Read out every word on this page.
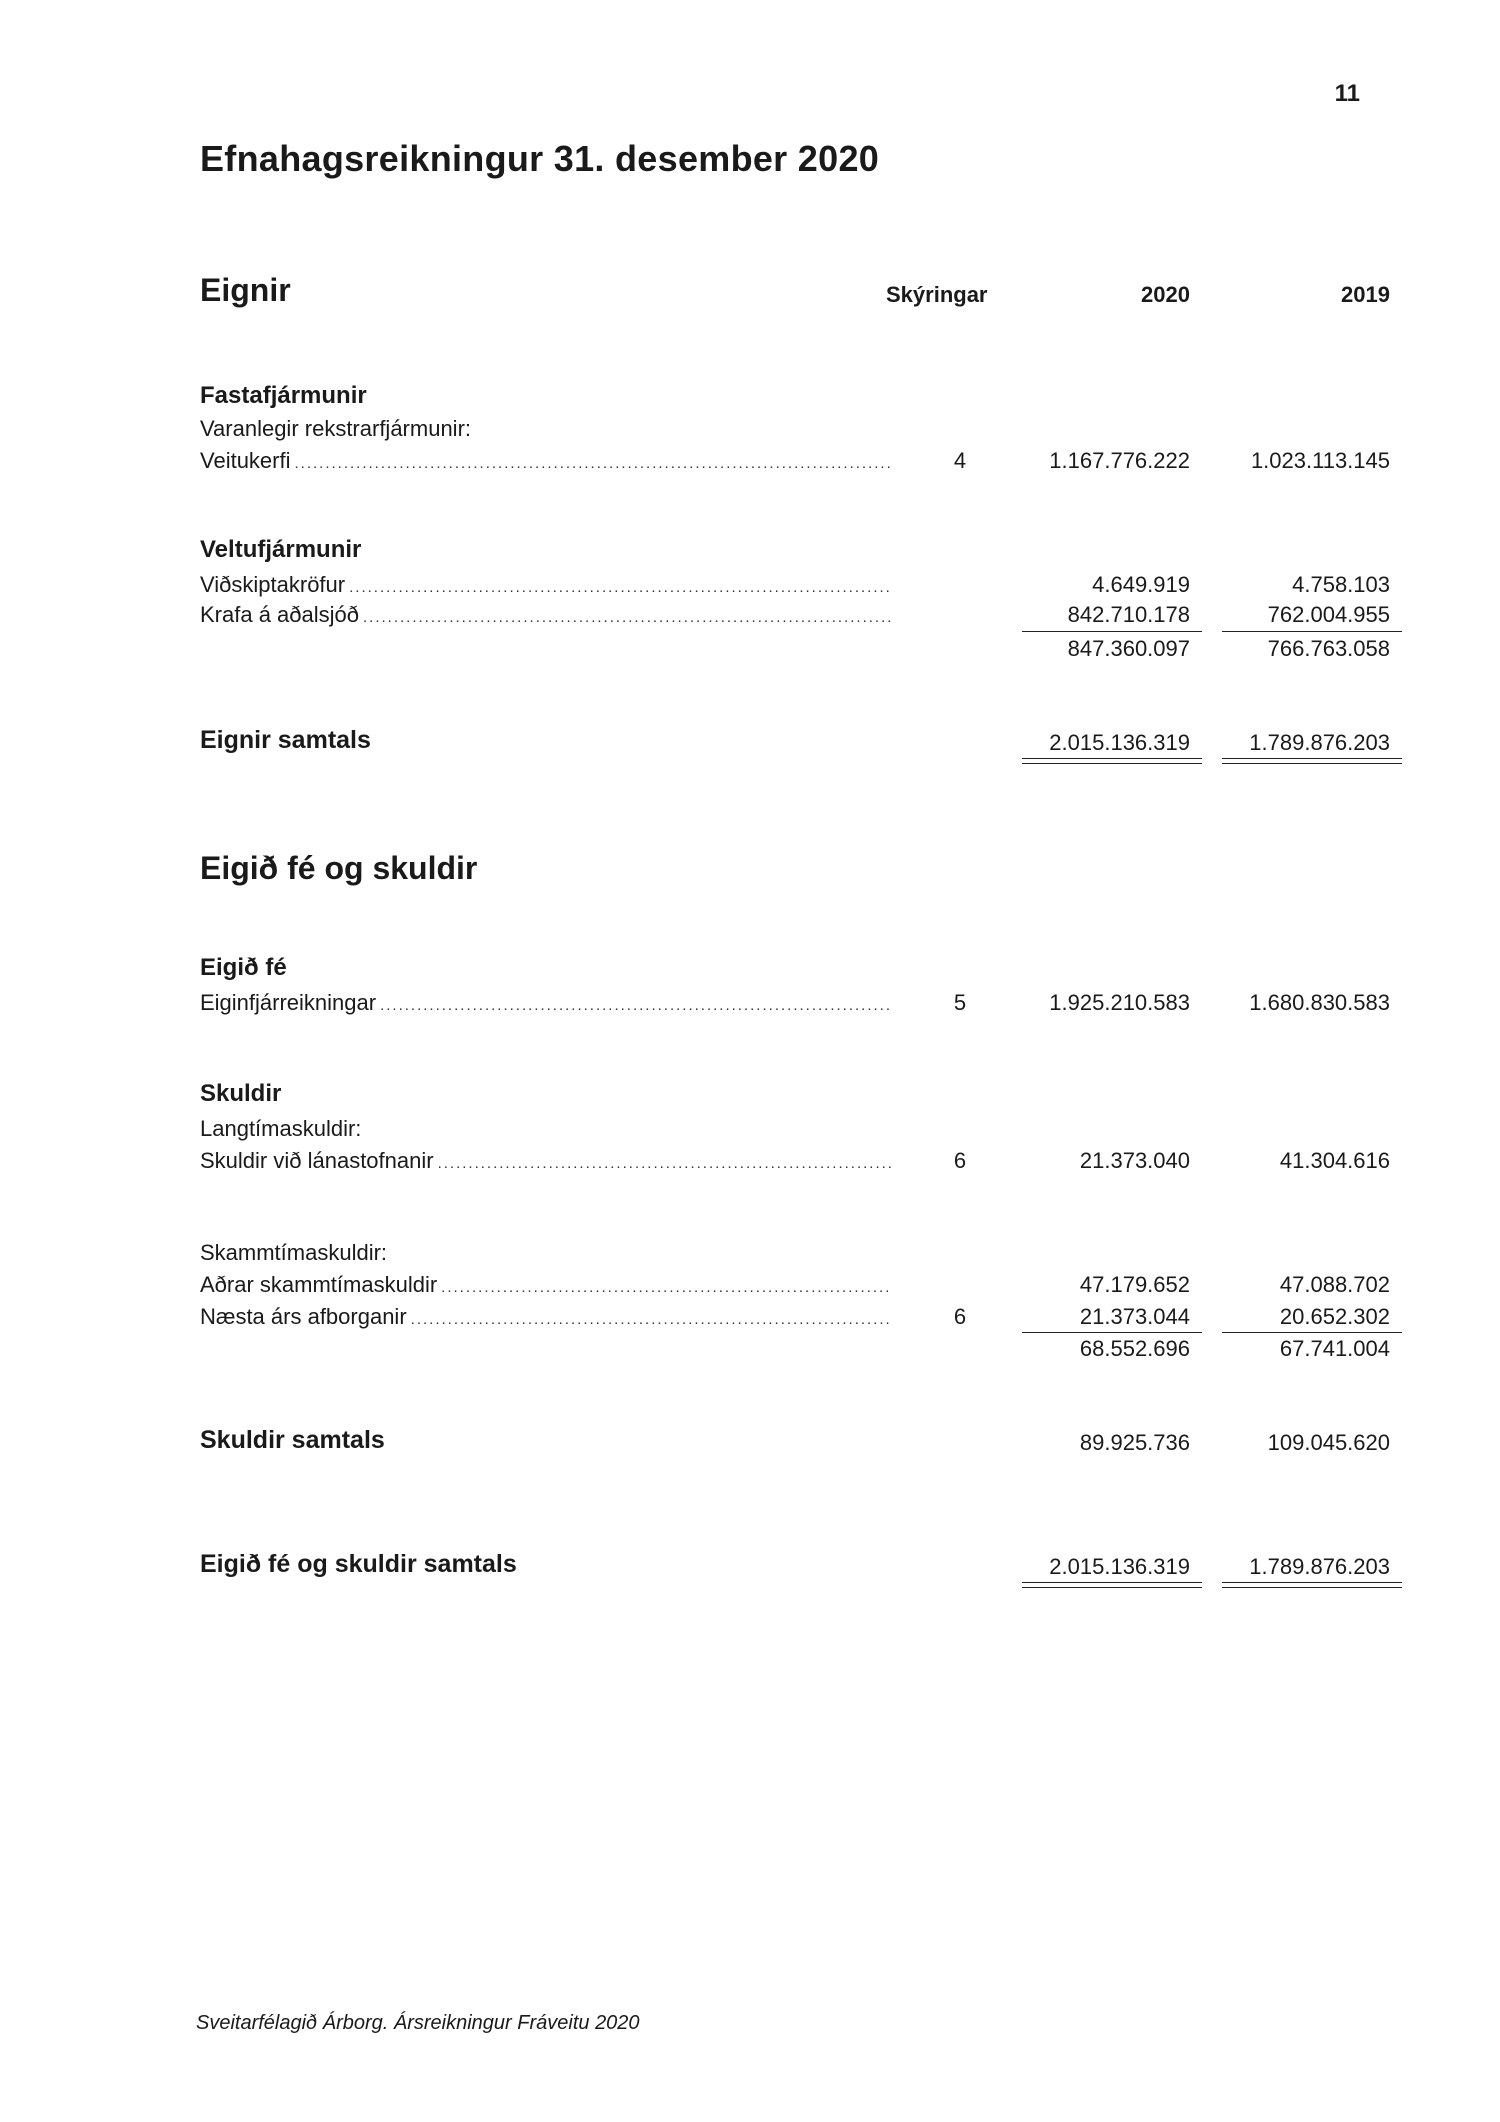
11
Efnahagsreikningur 31. desember 2020
Eignir	Skýringar	2020	2019
Fastafjármunir
Varanlegir rekstrarfjármunir:
Veitukerfi .....	4	1.167.776.222	1.023.113.145
Veltufjármunir
Viðskiptakröfur .....	4.649.919	4.758.103
Krafa á aðalsjóð .....	842.710.178	762.004.955
847.360.097	766.763.058
Eignir samtals	2.015.136.319	1.789.876.203
Eigið fé og skuldir
Eigið fé
Eiginfjárreikningar .....	5	1.925.210.583	1.680.830.583
Skuldir
Langtímaskuldir:
Skuldir við lánastofnanir .....	6	21.373.040	41.304.616
Skammtímaskuldir:
Aðrar skammtímaskuldir .....	47.179.652	47.088.702
Næsta árs afborganir .....	6	21.373.044	20.652.302
68.552.696	67.741.004
Skuldir samtals	89.925.736	109.045.620
Eigið fé og skuldir samtals	2.015.136.319	1.789.876.203
Sveitarfélagið Árborg. Ársreikningur Fráveitu 2020
